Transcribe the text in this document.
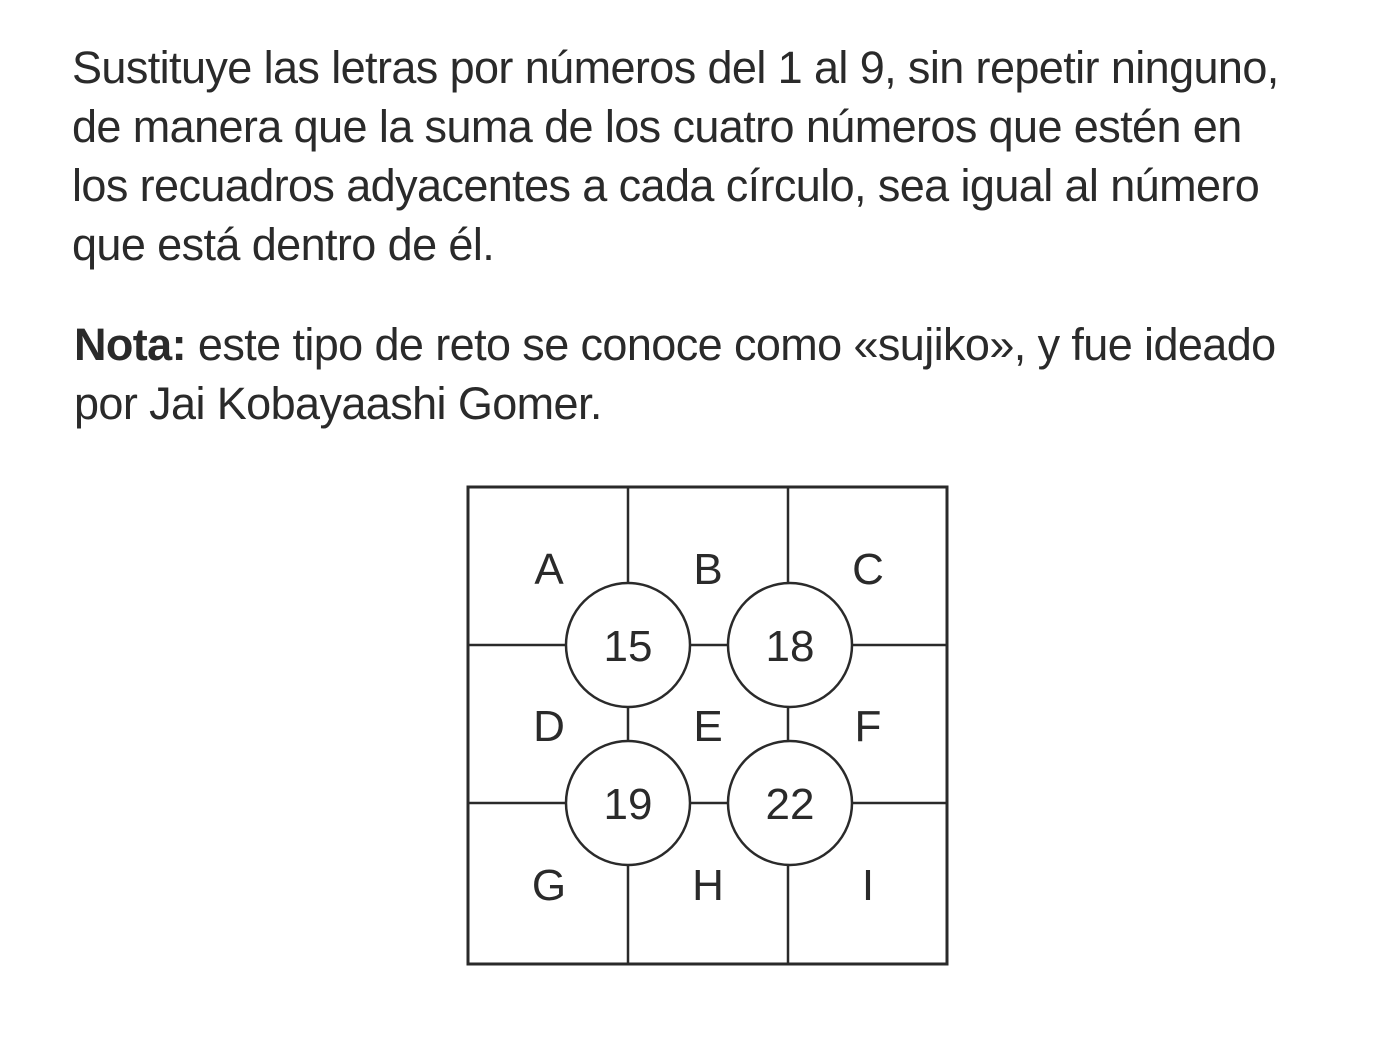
Sustituye las letras por números del 1 al 9, sin repetir ninguno,
de manera que la suma de los cuatro números que estén en
los recuadros adyacentes a cada círculo, sea igual al número
que está dentro de él.

Nota: este tipo de reto se conoce como «sujiko», y fue ideado
por Jai Kobayaashi Gomer.

15	18
19	22
A	B	C
D	E	F
G	H	I
